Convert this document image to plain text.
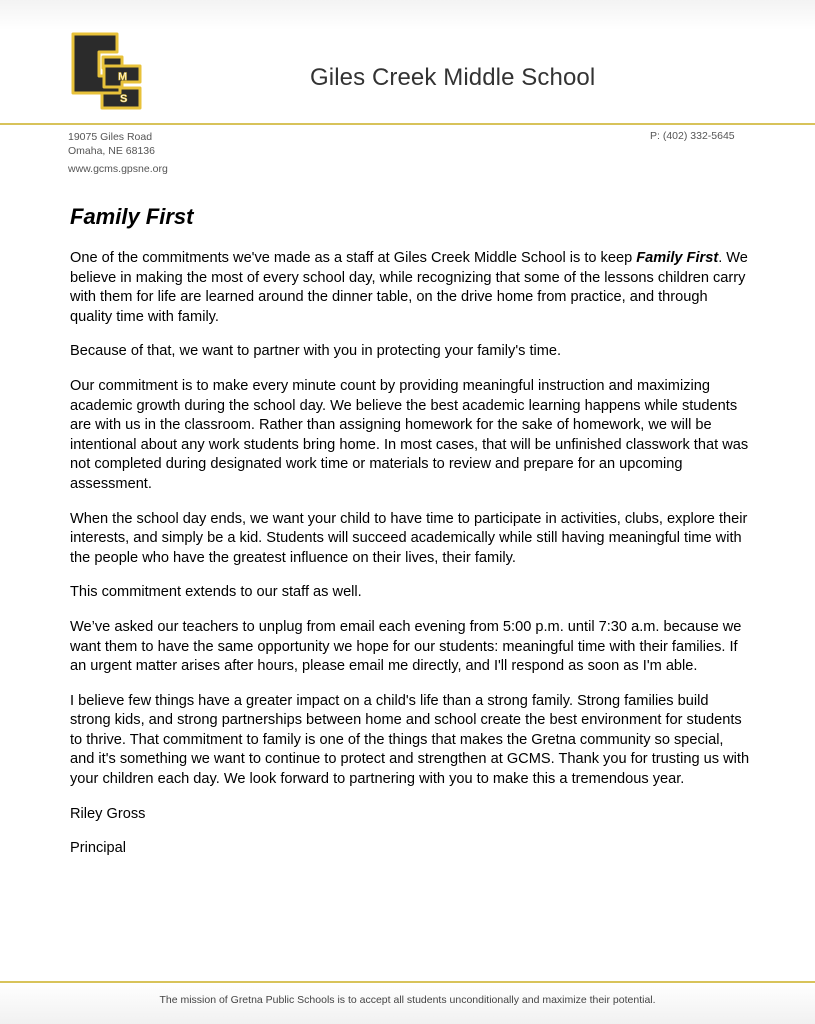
M
S
Giles Creek Middle School
19075 Giles Road
Omaha, NE 68136
www.gcms.gpsne.org
P: (402) 332-5645
Family First

One of the commitments we've made as a staff at Giles Creek Middle School is to keep Family First. We believe in making the most of every school day, while recognizing that some of the lessons children carry with them for life are learned around the dinner table, on the drive home from practice, and through quality time with family.

Because of that, we want to partner with you in protecting your family's time.

Our commitment is to make every minute count by providing meaningful instruction and maximizing academic growth during the school day. We believe the best academic learning happens while students are with us in the classroom. Rather than assigning homework for the sake of homework, we will be intentional about any work students bring home. In most cases, that will be unfinished classwork that was not completed during designated work time or materials to review and prepare for an upcoming assessment.

When the school day ends, we want your child to have time to participate in activities, clubs, explore their interests, and simply be a kid. Students will succeed academically while still having meaningful time with the people who have the greatest influence on their lives, their family.

This commitment extends to our staff as well.

We’ve asked our teachers to unplug from email each evening from 5:00 p.m. until 7:30 a.m. because we want them to have the same opportunity we hope for our students: meaningful time with their families. If an urgent matter arises after hours, please email me directly, and I'll respond as soon as I'm able.

I believe few things have a greater impact on a child's life than a strong family. Strong families build strong kids, and strong partnerships between home and school create the best environment for students to thrive. That commitment to family is one of the things that makes the Gretna community so special, and it's something we want to continue to protect and strengthen at GCMS. Thank you for trusting us with your children each day. We look forward to partnering with you to make this a tremendous year.

Riley Gross

Principal

The mission of Gretna Public Schools is to accept all students unconditionally and maximize their potential.
